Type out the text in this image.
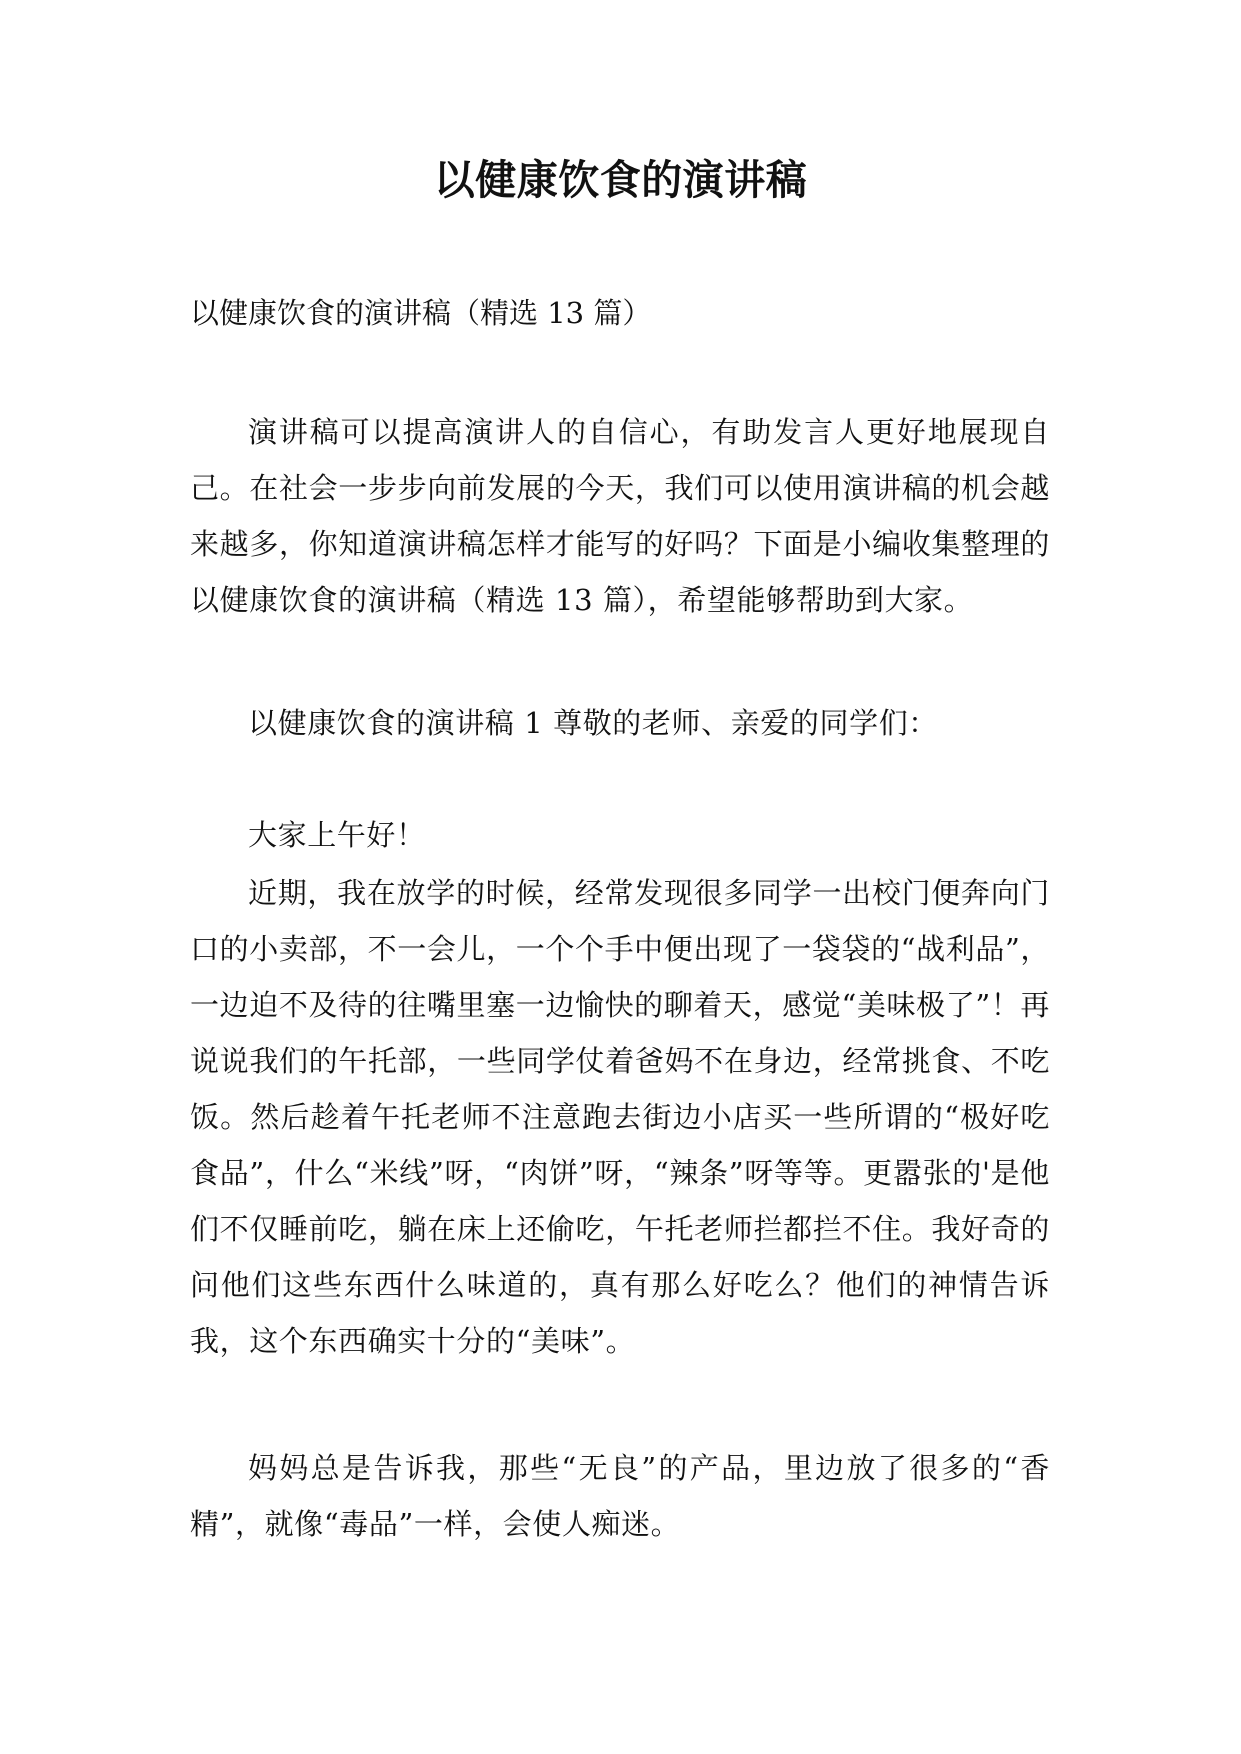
以健康饮食的演讲稿
以健康饮食的演讲稿（精选 13 篇）

演讲稿可以提高演讲人的自信心，有助发言人更好地展现自己。在社会一步步向前发展的今天，我们可以使用演讲稿的机会越来越多，你知道演讲稿怎样才能写的好吗？下面是小编收集整理的以健康饮食的演讲稿（精选 13 篇），希望能够帮助到大家。

以健康饮食的演讲稿 1 尊敬的老师、亲爱的同学们：

大家上午好！

近期，我在放学的时候，经常发现很多同学一出校门便奔向门口的小卖部，不一会儿，一个个手中便出现了一袋袋的“战利品”，一边迫不及待的往嘴里塞一边愉快的聊着天，感觉“美味极了”！再说说我们的午托部，一些同学仗着爸妈不在身边，经常挑食、不吃饭。然后趁着午托老师不注意跑去街边小店买一些所谓的“极好吃食品”，什么“米线”呀，“肉饼”呀，“辣条”呀等等。更嚣张的'是他们不仅睡前吃，躺在床上还偷吃，午托老师拦都拦不住。我好奇的问他们这些东西什么味道的，真有那么好吃么？他们的神情告诉我，这个东西确实十分的“美味”。

妈妈总是告诉我，那些“无良”的产品，里边放了很多的“香精”，就像“毒品”一样，会使人痴迷。
